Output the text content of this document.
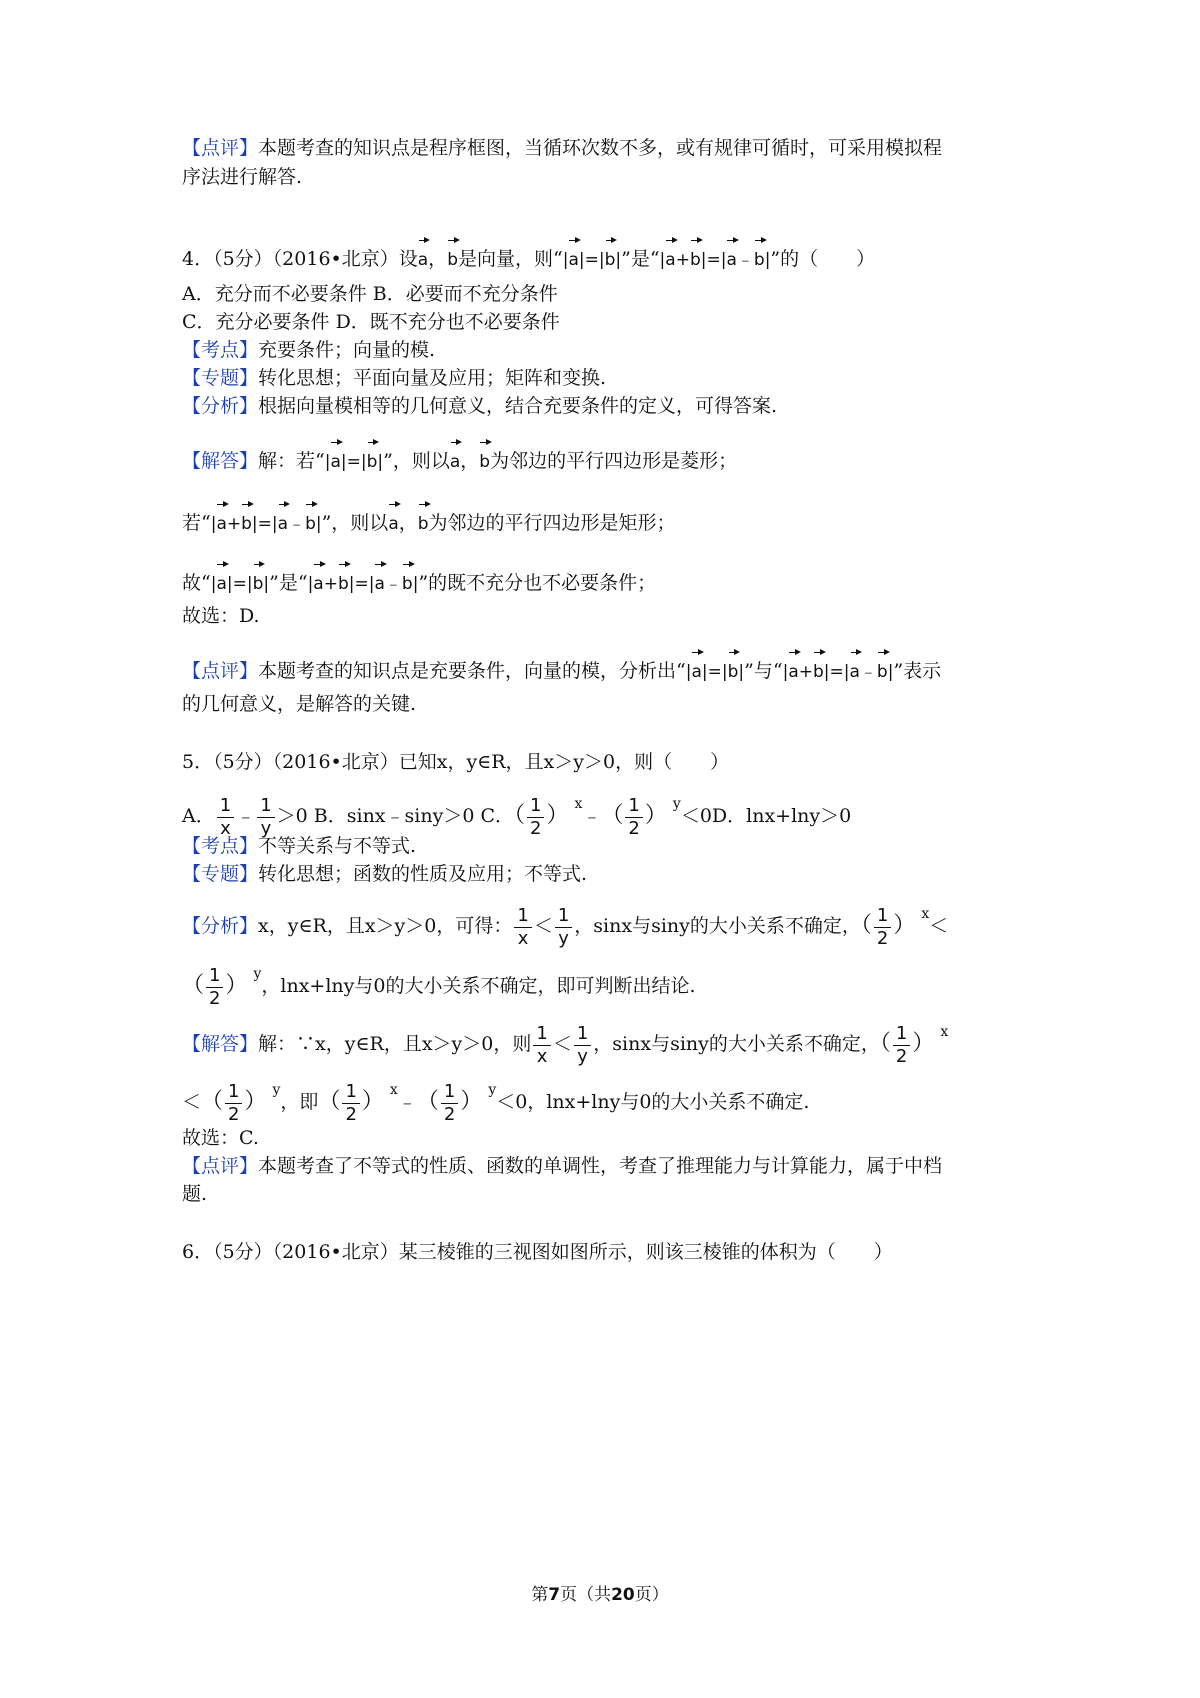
【点评】本题考查的知识点是程序框图，当循环次数不多，或有规律可循时，可采用模拟程
序法进行解答.
4．（5分）（2016•北京）设a，b是向量，则“|a|=|b|”是“|a+b|=|a﹣b|”的（　　）
A．充分而不必要条件 B．必要而不充分条件
C．充分必要条件 D．既不充分也不必要条件
【考点】充要条件；向量的模.
【专题】转化思想；平面向量及应用；矩阵和变换.
【分析】根据向量模相等的几何意义，结合充要条件的定义，可得答案.
【解答】解：若“|a|=|b|”，则以a，b为邻边的平行四边形是菱形；
若“|a+b|=|a﹣b|”，则以a，b为邻边的平行四边形是矩形；
故“|a|=|b|”是“|a+b|=|a﹣b|”的既不充分也不必要条件；
故选：D.
【点评】本题考查的知识点是充要条件，向量的模，分析出“|a|=|b|”与“|a+b|=|a﹣b|”表示
的几何意义，是解答的关键.
5．（5分）（2016•北京）已知x，y∈R，且x＞y＞0，则（　　）
A． $\frac{1}{x}$ ﹣ $\frac{1}{y} >0$ B．sinx﹣siny＞0 C．（ $\frac{1}{2}$ ） $^x$﹣（ $\frac{1}{2}$ ） $^y$＜0D．lnx+lny＞0
【考点】不等关系与不等式.
【专题】转化思想；函数的性质及应用；不等式.
【分析】x，y∈R，且x＞y＞0，可得： $\frac{1}{x} < \frac{1}{y}$ ，sinx与siny的大小关系不确定，（ $\frac{1}{2}$ ） $^x$＜
（ $\frac{1}{2}$ ） $^y$，lnx+lny与0的大小关系不确定，即可判断出结论.
【解答】解：∵x，y∈R，且x＞y＞0，则 $\frac{1}{x} < \frac{1}{y}$ ，sinx与siny的大小关系不确定，（ $\frac{1}{2}$ ） $^x$
＜（ $\frac{1}{2}$ ） $^y$，即（ $\frac{1}{2}$ ） $^x$﹣（ $\frac{1}{2}$ ） $^y$＜0，lnx+lny与0的大小关系不确定.
故选：C.
【点评】本题考查了不等式的性质、函数的单调性，考查了推理能力与计算能力，属于中档
题.
6．（5分）（2016•北京）某三棱锥的三视图如图所示，则该三棱锥的体积为（　　）
第7页（共20页）
